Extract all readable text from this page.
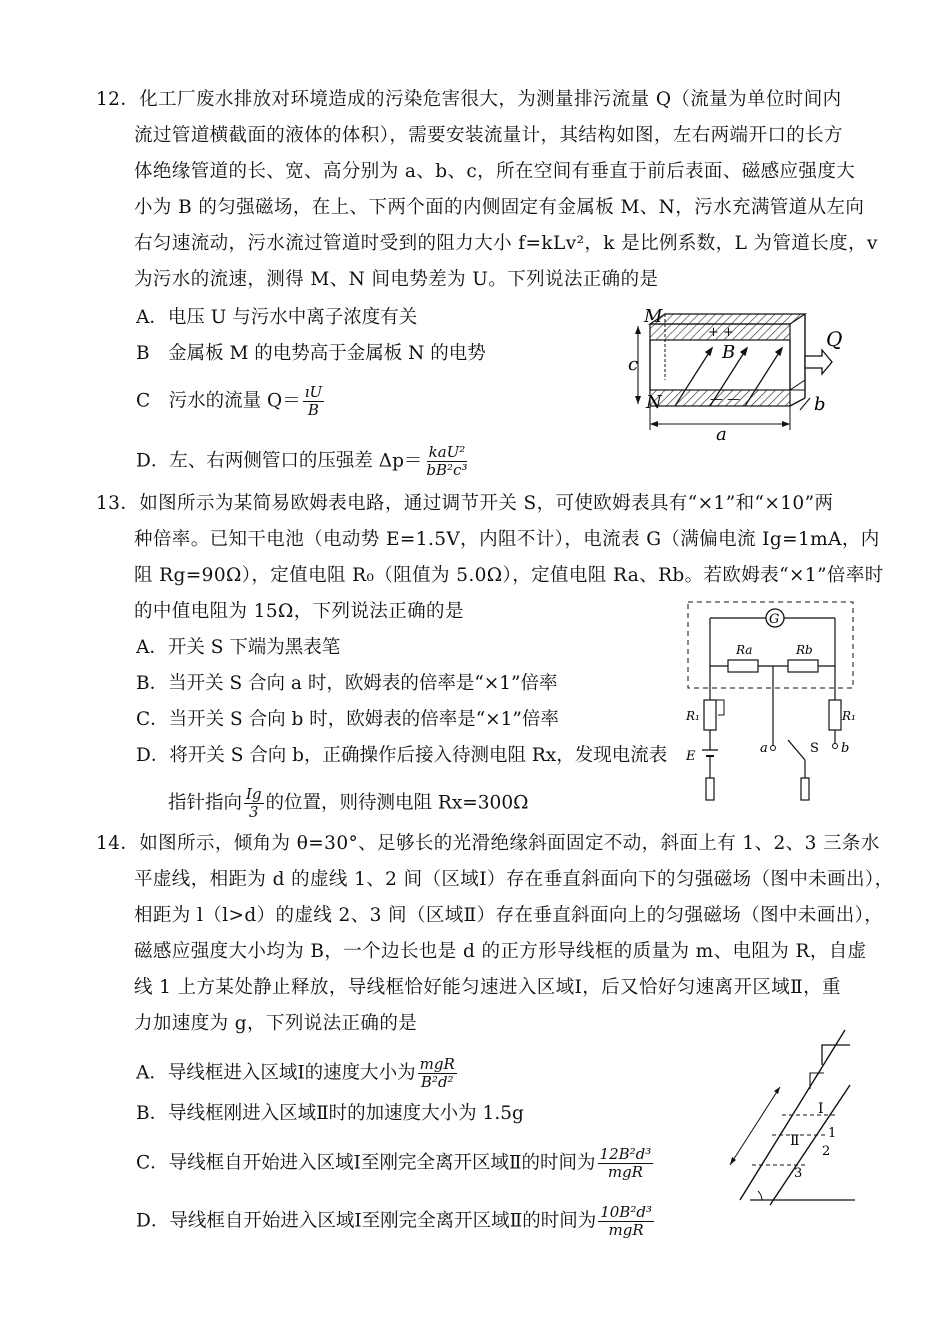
12．化工厂废水排放对环境造成的污染危害很大，为测量排污流量 Q（流量为单位时间内
流过管道横截面的液体的体积），需要安装流量计，其结构如图，左右两端开口的长方
体绝缘管道的长、宽、高分别为 a、b、c，所在空间有垂直于前后表面、磁感应强度大
小为 B 的匀强磁场，在上、下两个面的内侧固定有金属板 M、N，污水充满管道从左向
右匀速流动，污水流过管道时受到的阻力大小 f=kLv²，k 是比例系数，L 为管道长度，v
为污水的流速，测得 M、N 间电势差为 U。下列说法正确的是
A．电压 U 与污水中离子浓度有关
B　金属板 M 的电势高于金属板 N 的电势
C　污水的流量 $Q= \frac{ıU}{B}$
D．左、右两侧管口的压强差 $\Delta p= \frac{\text{kaU²}}{\text{bB²c³}}$
+ +
— —
M
N
c
B
Q
b
a
13．如图所示为某简易欧姆表电路，通过调节开关 S，可使欧姆表具有“×1”和“×10”两
种倍率。已知干电池（电动势 E=1.5V，内阻不计），电流表 G（满偏电流 Ig=1mA，内
阻 Rg=90Ω），定值电阻 R₀（阻值为 5.0Ω），定值电阻 Ra、Rb。若欧姆表“×1”倍率时
的中值电阻为 15Ω，下列说法正确的是
A．开关 S 下端为黑表笔
B．当开关 S 合向 a 时，欧姆表的倍率是“×1”倍率
C．当开关 S 合向 b 时，欧姆表的倍率是“×1”倍率
D．将开关 S 合向 b，正确操作后接入待测电阻 Rx，发现电流表
指针指向 $\frac{Ig}{3}$ 的位置，则待测电阻 Rx=300Ω
G
Ra	Rb
R₁
E
a	S
R₁
b
14．如图所示，倾角为 θ=30°、足够长的光滑绝缘斜面固定不动，斜面上有 1、2、3 三条水
平虚线，相距为 d 的虚线 1、2 间（区域Ⅰ）存在垂直斜面向下的匀强磁场（图中未画出），
相距为 l（l>d）的虚线 2、3 间（区域Ⅱ）存在垂直斜面向上的匀强磁场（图中未画出），
磁感应强度大小均为 B，一个边长也是 d 的正方形导线框的质量为 m、电阻为 R，自虚
线 1 上方某处静止释放，导线框恰好能匀速进入区域Ⅰ，后又恰好匀速离开区域Ⅱ，重
力加速度为 g，下列说法正确的是
A．导线框进入区域Ⅰ的速度大小为 $\frac{\text{mgR}}{\text{B²d²}}$
B．导线框刚进入区域Ⅱ时的加速度大小为 1.5g
C．导线框自开始进入区域Ⅰ至刚完全离开区域Ⅱ的时间为 $\frac{\text{12B²d³}}{\text{mgR}}$
D．导线框自开始进入区域Ⅰ至刚完全离开区域Ⅱ的时间为 $\frac{\text{10B²d³}}{\text{mgR}}$
Ⅰ
Ⅱ 1
2
3
